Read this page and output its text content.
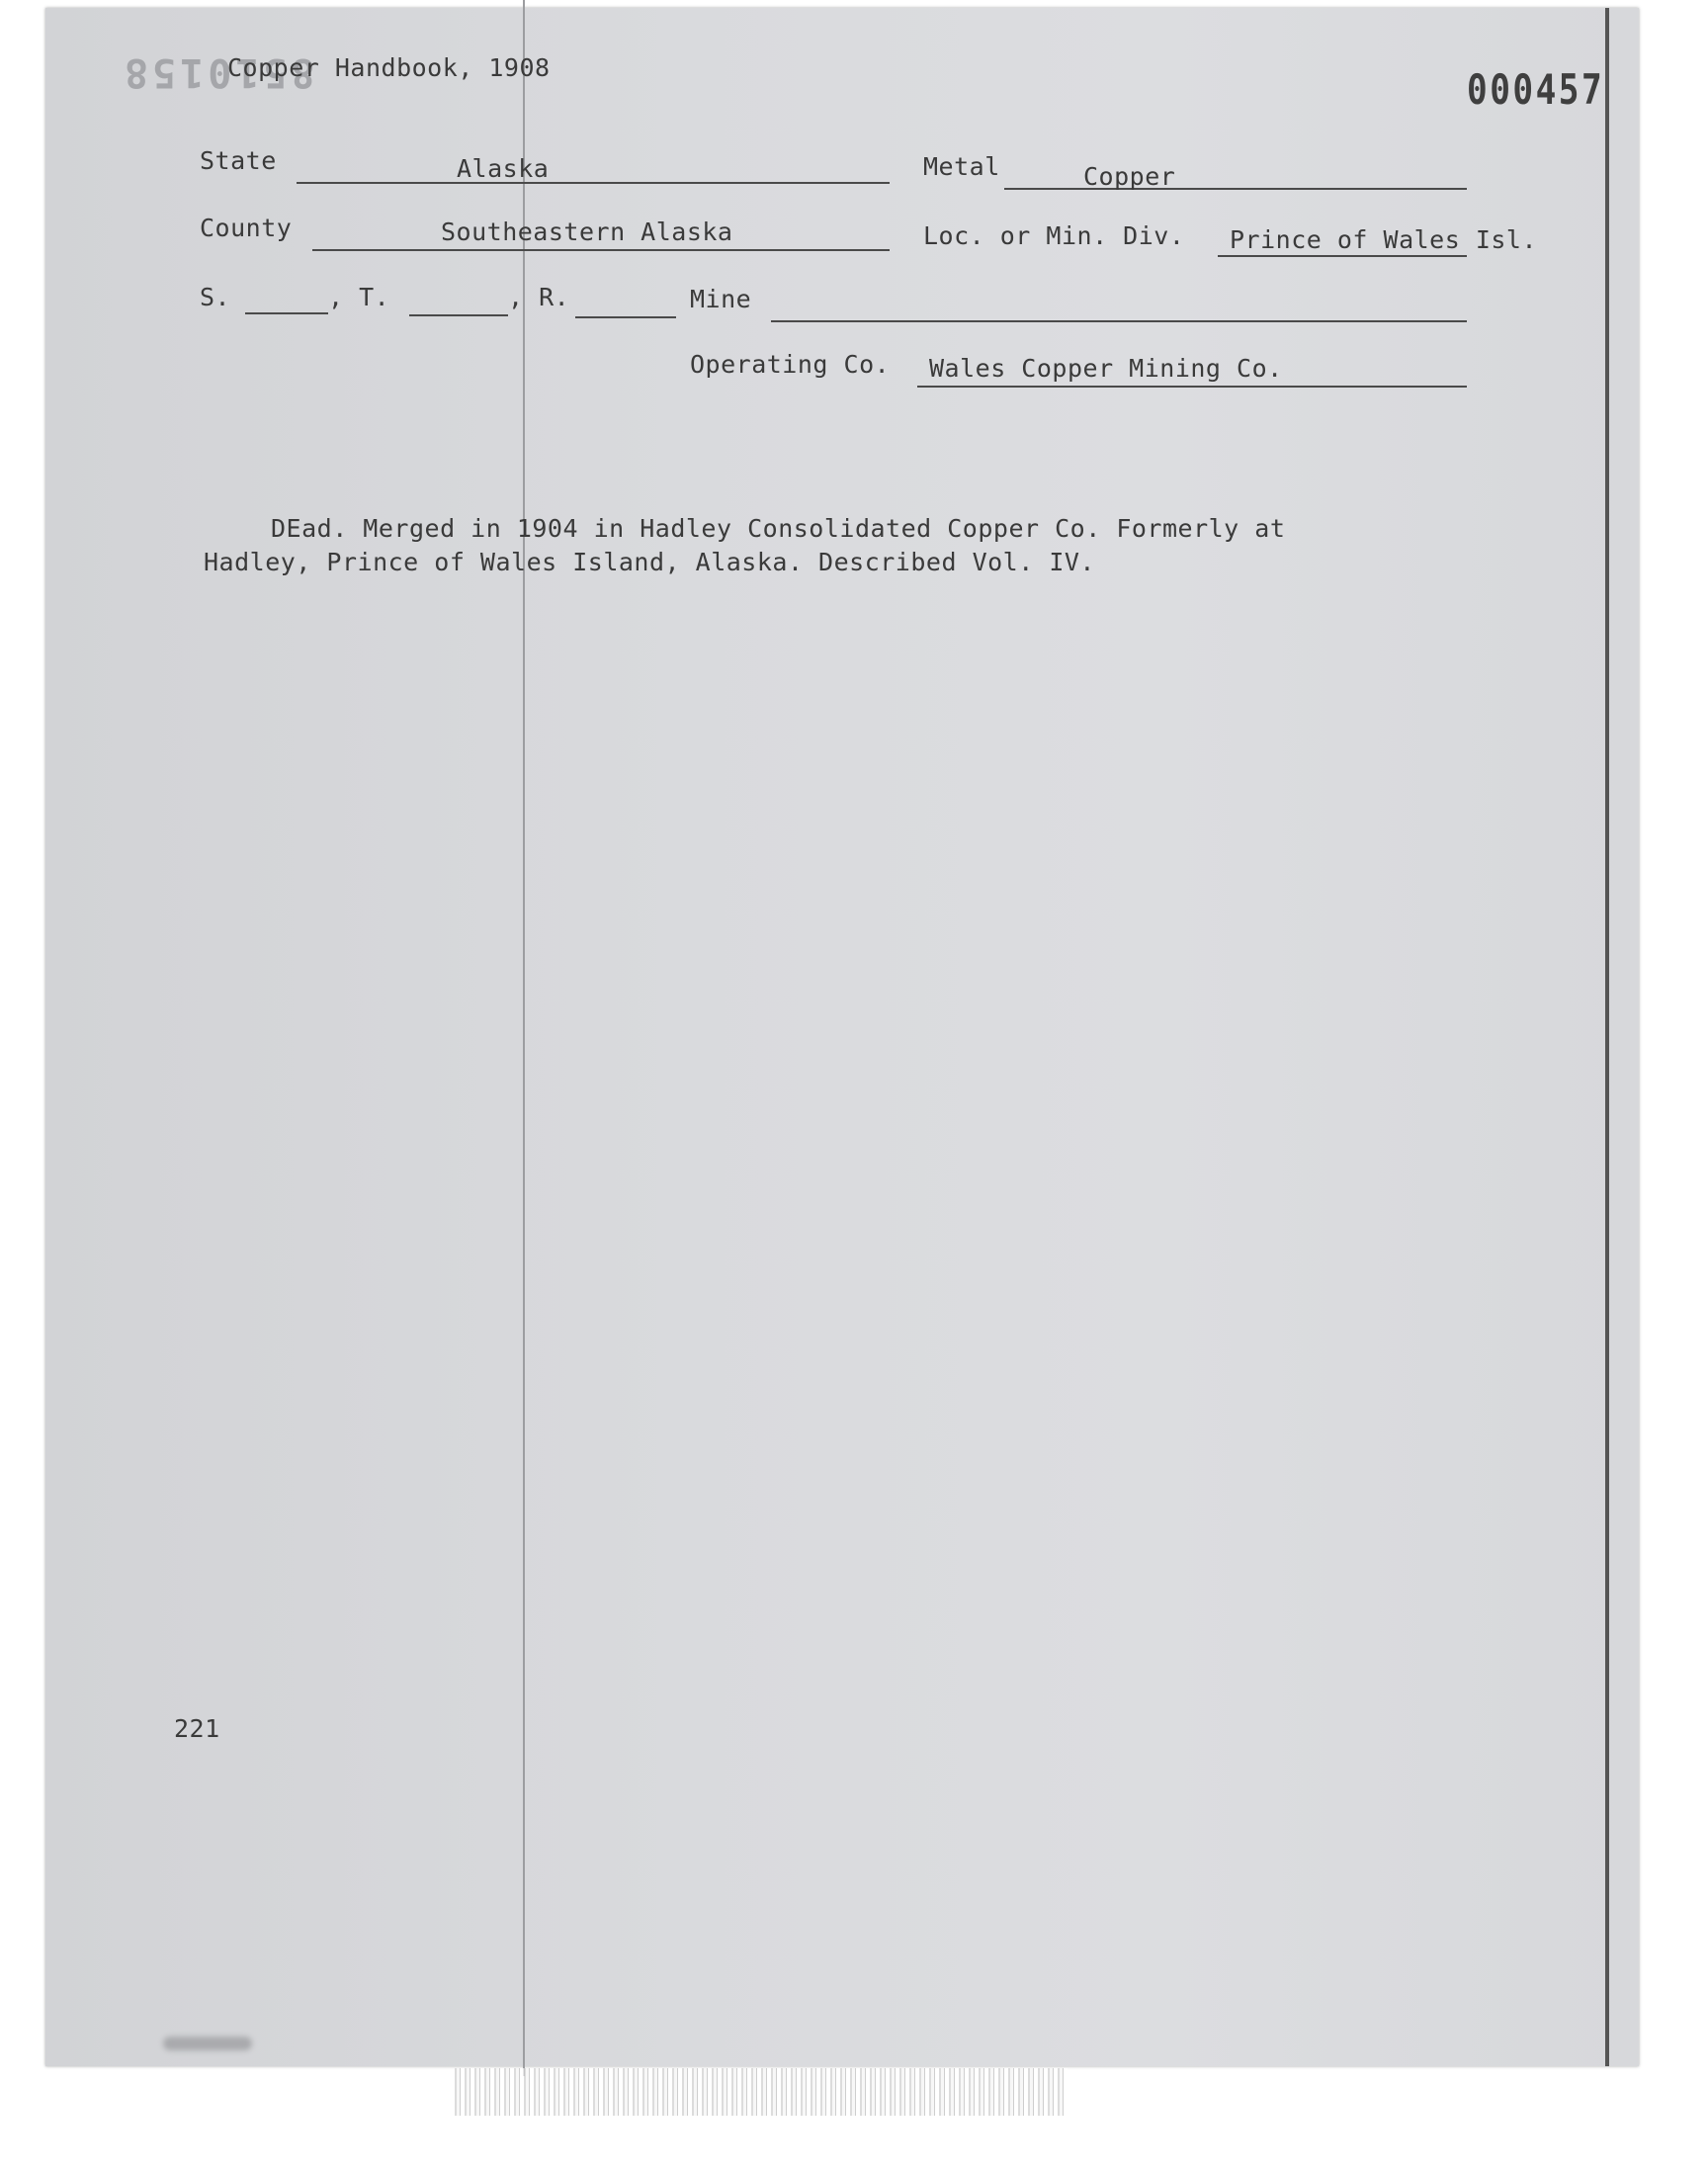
8510158	000457
Copper Handbook, 1908
State	Alaska	Metal	Copper
County	Southeastern Alaska	Loc. or Min. Div. Prince of Wales Isl.
S.	, T.	, R.	Mine
Operating Co. Wales Copper Mining Co.
DEad. Merged in 1904 in Hadley Consolidated Copper Co. Formerly at
Hadley, Prince of Wales Island, Alaska. Described Vol. IV.
221
